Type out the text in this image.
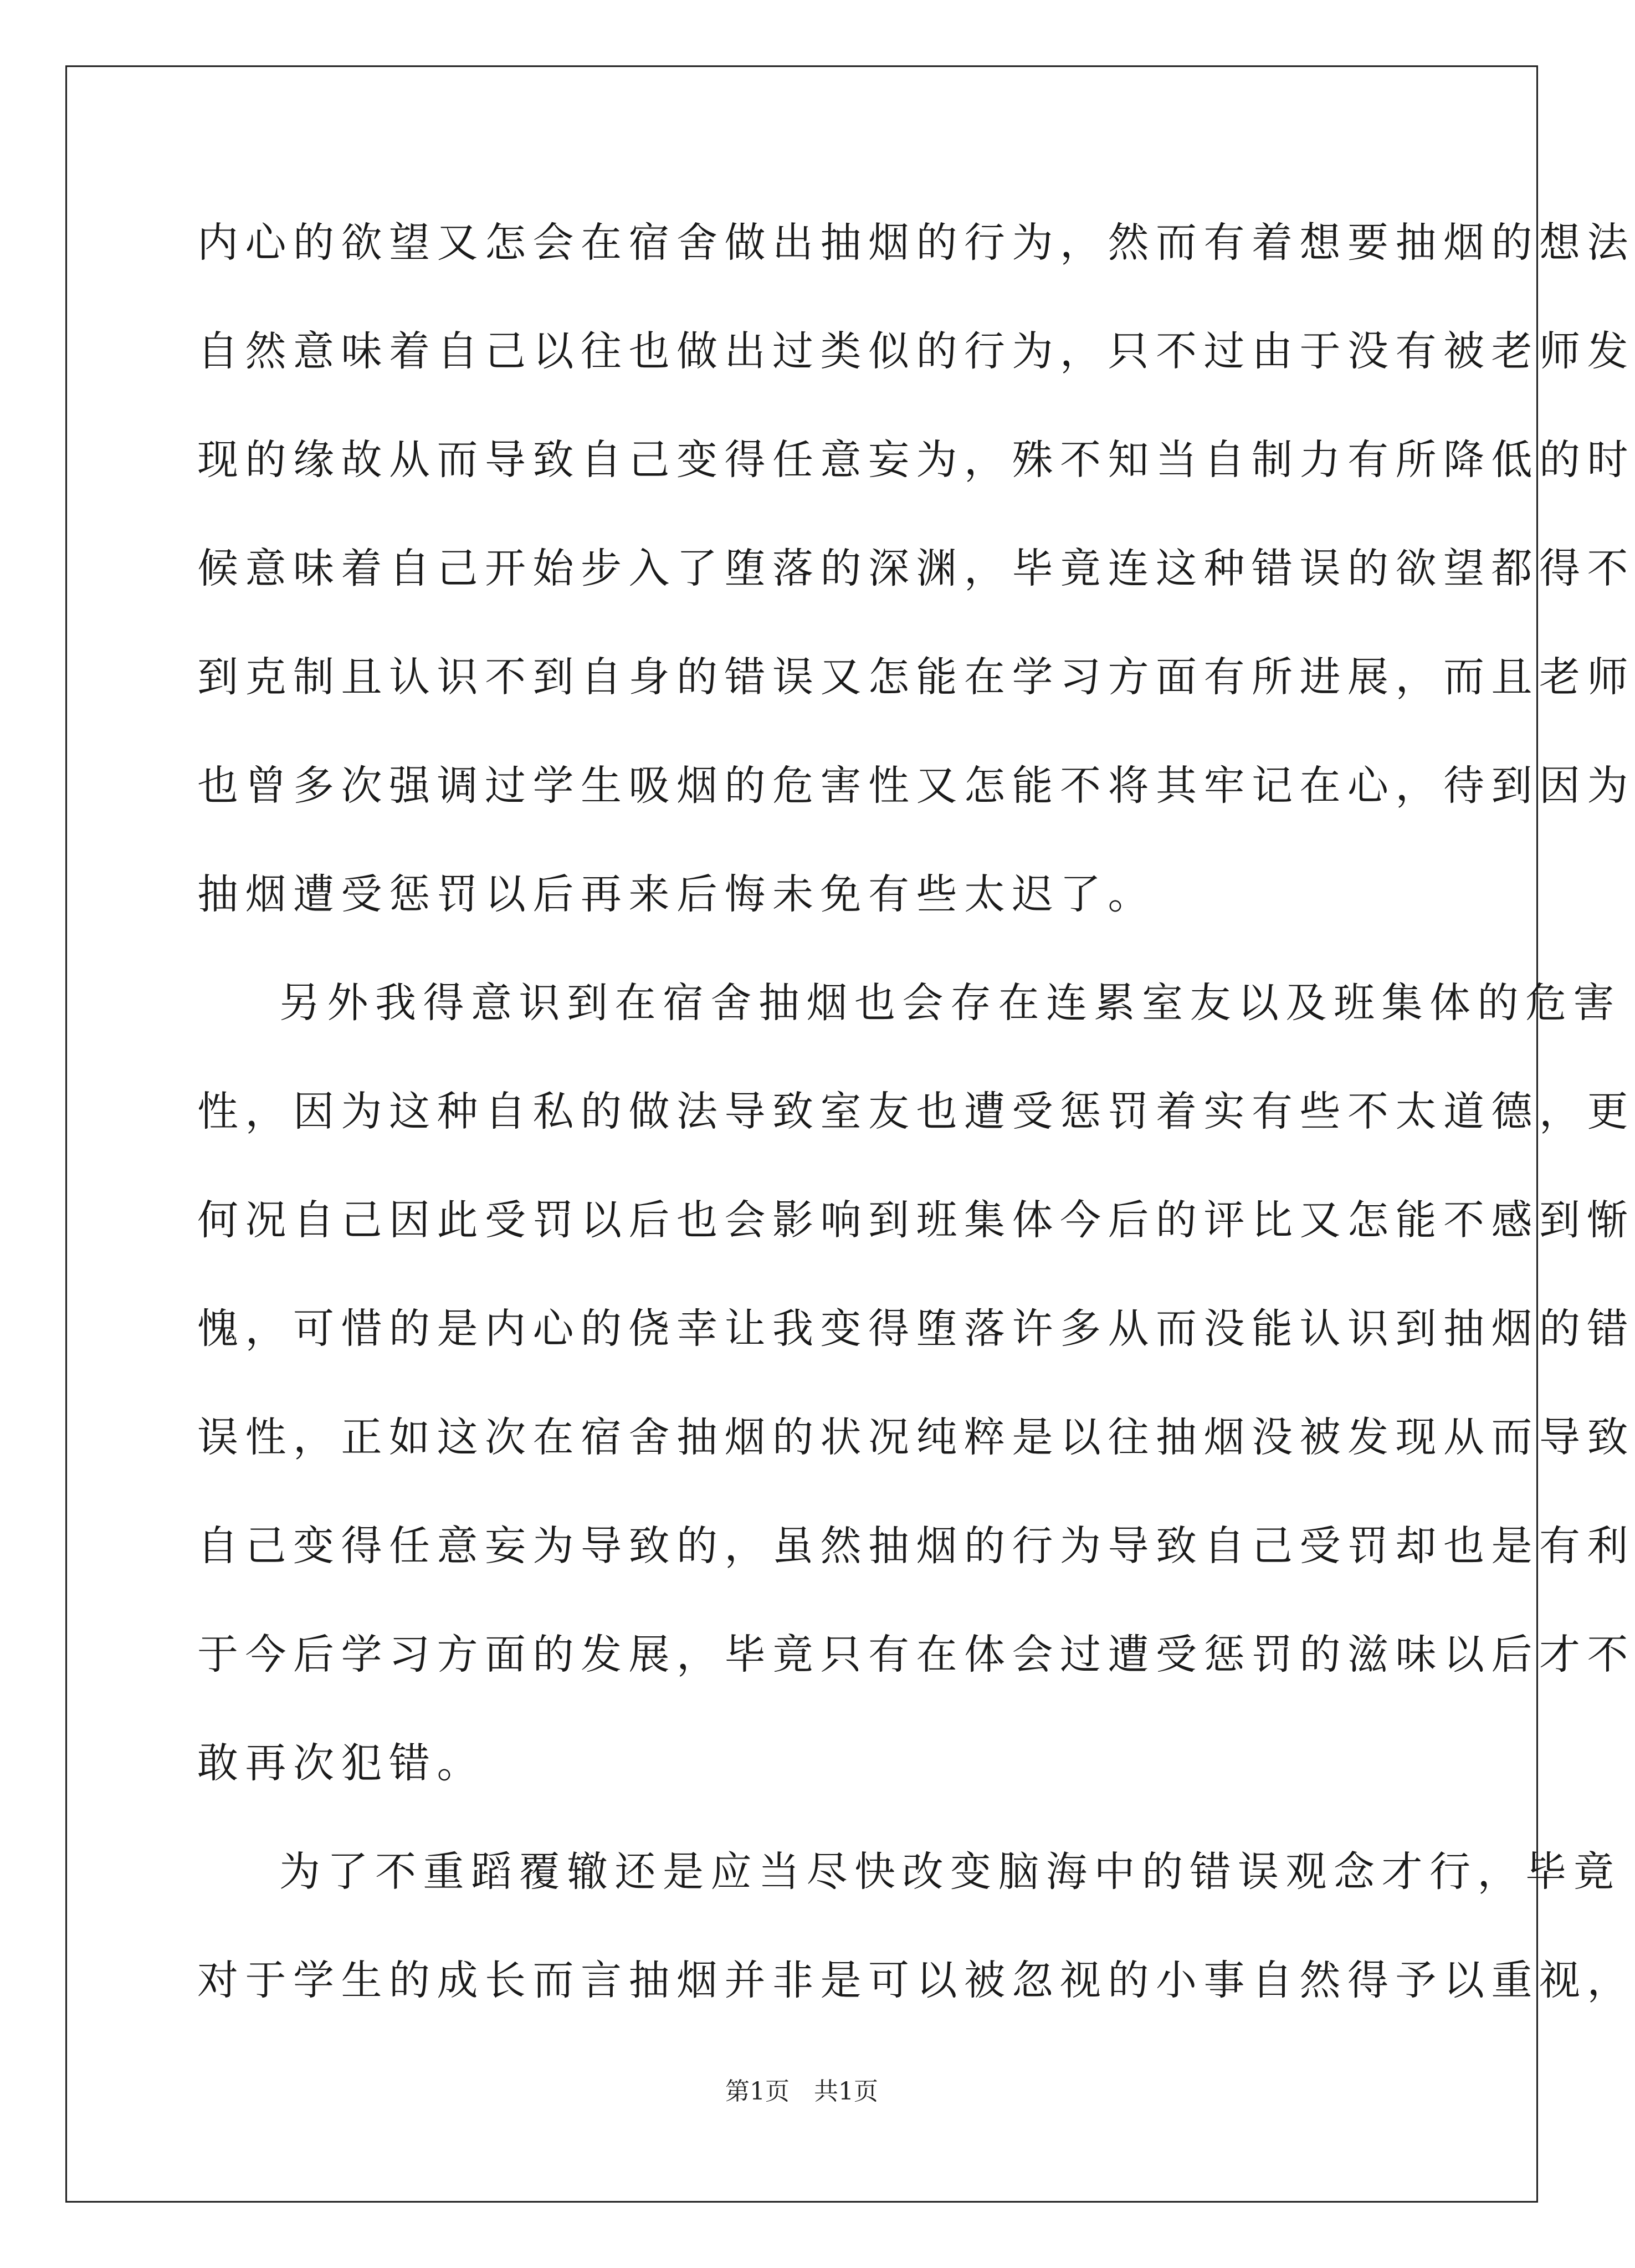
内心的欲望又怎会在宿舍做出抽烟的行为，然而有着想要抽烟的想法
自然意味着自己以往也做出过类似的行为，只不过由于没有被老师发
现的缘故从而导致自己变得任意妄为，殊不知当自制力有所降低的时
候意味着自己开始步入了堕落的深渊，毕竟连这种错误的欲望都得不
到克制且认识不到自身的错误又怎能在学习方面有所进展，而且老师
也曾多次强调过学生吸烟的危害性又怎能不将其牢记在心，待到因为
抽烟遭受惩罚以后再来后悔未免有些太迟了。
另外我得意识到在宿舍抽烟也会存在连累室友以及班集体的危害
性，因为这种自私的做法导致室友也遭受惩罚着实有些不太道德，更
何况自己因此受罚以后也会影响到班集体今后的评比又怎能不感到惭
愧，可惜的是内心的侥幸让我变得堕落许多从而没能认识到抽烟的错
误性，正如这次在宿舍抽烟的状况纯粹是以往抽烟没被发现从而导致
自己变得任意妄为导致的，虽然抽烟的行为导致自己受罚却也是有利
于今后学习方面的发展，毕竟只有在体会过遭受惩罚的滋味以后才不
敢再次犯错。
为了不重蹈覆辙还是应当尽快改变脑海中的错误观念才行，毕竟
对于学生的成长而言抽烟并非是可以被忽视的小事自然得予以重视，
第1页　共1页
